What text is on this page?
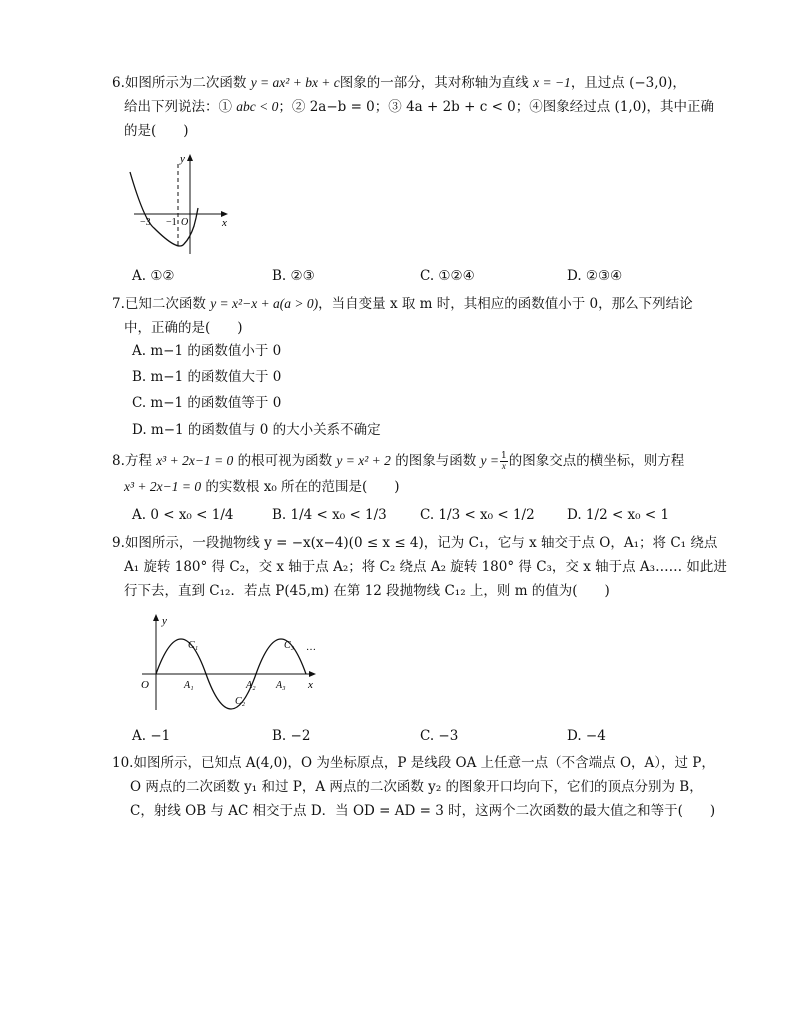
6.如图所示为二次函数 y = ax² + bx + c图象的一部分，其对称轴为直线 x = −1，且过点 (−3,0)，
给出下列说法：① abc < 0；② 2a−b = 0；③ 4a + 2b + c < 0；④图象经过点 (1,0)，其中正确
的是(　　)
y
x
−3 −1 O
A. ①②	B. ②③	C. ①②④	D. ②③④
7.已知二次函数 y = x²−x + a(a > 0)，当自变量 x 取 m 时，其相应的函数值小于 0，那么下列结论
中，正确的是(　　)
A. m−1 的函数值小于 0
B. m−1 的函数值大于 0
C. m−1 的函数值等于 0
D. m−1 的函数值与 0 的大小关系不确定
8.方程 x³ + 2x−1 = 0 的根可视为函数 y = x² + 2 的图象与函数 $y = \frac{1}{x}$ 的图象交点的横坐标，则方程
x³ + 2x−1 = 0 的实数根 x₀ 所在的范围是(　　)
A. 0 < x₀ < 1/4	B. 1/4 < x₀ < 1/3 C. 1/3 < x₀ < 1/2 D. 1/2 < x₀ < 1
9.如图所示，一段抛物线 y = −x(x−4)(0 ≤ x ≤ 4)，记为 C₁，它与 x 轴交于点 O，A₁；将 C₁ 绕点
A₁ 旋转 180° 得 C₂，交 x 轴于点 A₂；将 C₂ 绕点 A₂ 旋转 180° 得 C₃，交 x 轴于点 A₃…… 如此进
行下去，直到 C₁₂．若点 P(45,m) 在第 12 段抛物线 C₁₂ 上，则 m 的值为(　　)
y
x
O
C₁
C₂
C₃ …
A₁	A₂ A₃
A. −1	B. −2	C. −3	D. −4
10.如图所示，已知点 A(4,0)，O 为坐标原点，P 是线段 OA 上任意一点（不含端点 O，A），过 P，
O 两点的二次函数 y₁ 和过 P，A 两点的二次函数 y₂ 的图象开口均向下，它们的顶点分别为 B，
C，射线 OB 与 AC 相交于点 D．当 OD = AD = 3 时，这两个二次函数的最大值之和等于(　　)
